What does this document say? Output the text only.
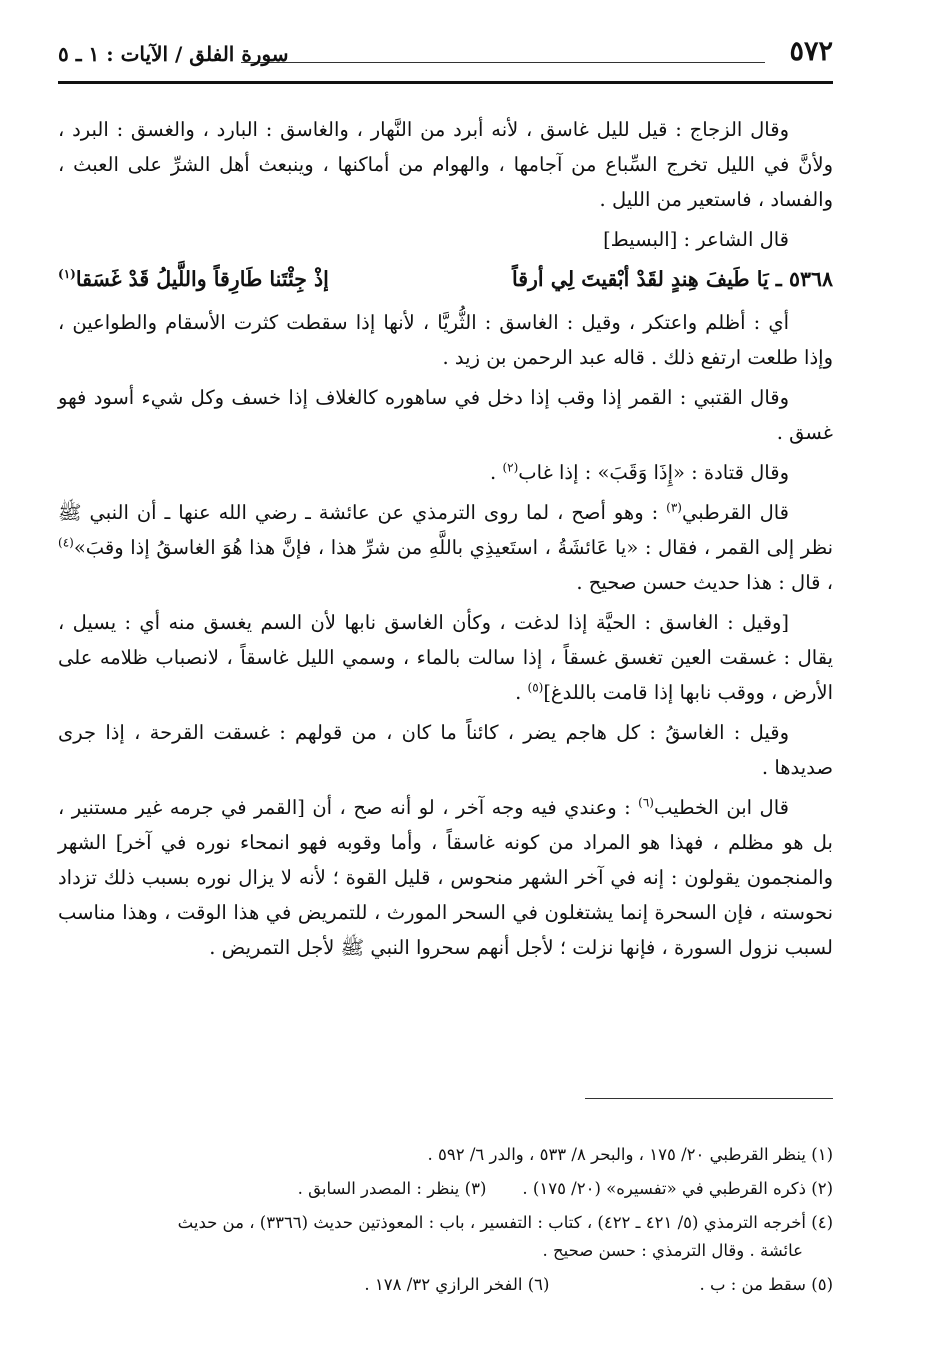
٥٧٢
سورة الفلق / الآيات : ١ ـ ٥

وقال الزجاج : قيل لليل غاسق ، لأنه أبرد من النَّهار ، والغاسق : البارد ، والغسق : البرد ، ولأنَّ في الليل تخرج السِّباع من آجامها ، والهوام من أماكنها ، وينبعث أهل الشرِّ على العبث ، والفساد ، فاستعير من الليل .

قال الشاعر : [البسيط]

٥٣٦٨ ـ يَا طَيفَ هِندٍ لقَدْ أبْقيتَ لِي أرقاً
إذْ جِئْتَنا طَارِقاً واللَّيلُ قَدْ غَسَقا$^{(١)}$

أي : أظلم واعتكر ، وقيل : الغاسق : الثُّريَّا ، لأنها إذا سقطت كثرت الأسقام والطواعين ، وإذا طلعت ارتفع ذلك . قاله عبد الرحمن بن زيد .

وقال القتبي : القمر إذا وقب إذا دخل في ساهوره كالغلاف إذا خسف وكل شيء أسود فهو غسق .

وقال قتادة : «إِذَا وَقَبَ» : إذا غاب$^{(٢)}$ .

قال القرطبي$^{(٣)}$ : وهو أصح ، لما روى الترمذي عن عائشة ـ رضي الله عنها ـ أن النبي ﷺ نظر إلى القمر ، فقال : «يا عَائشَةُ ، استَعيذِي باللَّهِ من شرِّ هذا ، فإنَّ هذا هُوَ الغاسقُ إذا وقبَ»$^{(٤)}$ ، قال : هذا حديث حسن صحيح .

[وقيل : الغاسق : الحيَّة إذا لدغت ، وكأن الغاسق نابها لأن السم يغسق منه أي : يسيل ، يقال : غسقت العين تغسق غسقاً ، إذا سالت بالماء ، وسمي الليل غاسقاً ، لانصباب ظلامه على الأرض ، ووقب نابها إذا قامت باللدغ]$^{(٥)}$ .

وقيل : الغاسقُ : كل هاجم يضر ، كائناً ما كان ، من قولهم : غسقت القرحة ، إذا جرى صديدها .

قال ابن الخطيب$^{(٦)}$ : وعندي فيه وجه آخر ، لو أنه صح ، أن [القمر في جرمه غير مستنير ، بل هو مظلم ، فهذا هو المراد من كونه غاسقاً ، وأما وقوبه فهو انمحاء نوره في آخر] الشهر والمنجمون يقولون : إنه في آخر الشهر منحوس ، قليل القوة ؛ لأنه لا يزال نوره بسبب ذلك تزداد نحوسته ، فإن السحرة إنما يشتغلون في السحر المورث ، للتمريض في هذا الوقت ، وهذا مناسب لسبب نزول السورة ، فإنها نزلت ؛ لأجل أنهم سحروا النبي ﷺ لأجل التمريض .

(١) ينظر القرطبي ٢٠/ ١٧٥ ، والبحر ٨/ ٥٣٣ ، والدر ٦/ ٥٩٢ .
(٢) ذكره القرطبي في «تفسيره» (٢٠/ ١٧٥) .
(٣) ينظر : المصدر السابق .
(٤) أخرجه الترمذي (٥/ ٤٢١ ـ ٤٢٢) ، كتاب : التفسير ، باب : المعوذتين حديث (٣٣٦٦) ، من حديث
عائشة . وقال الترمذي : حسن صحيح .
(٥) سقط من : ب .
(٦) الفخر الرازي ٣٢/ ١٧٨ .
